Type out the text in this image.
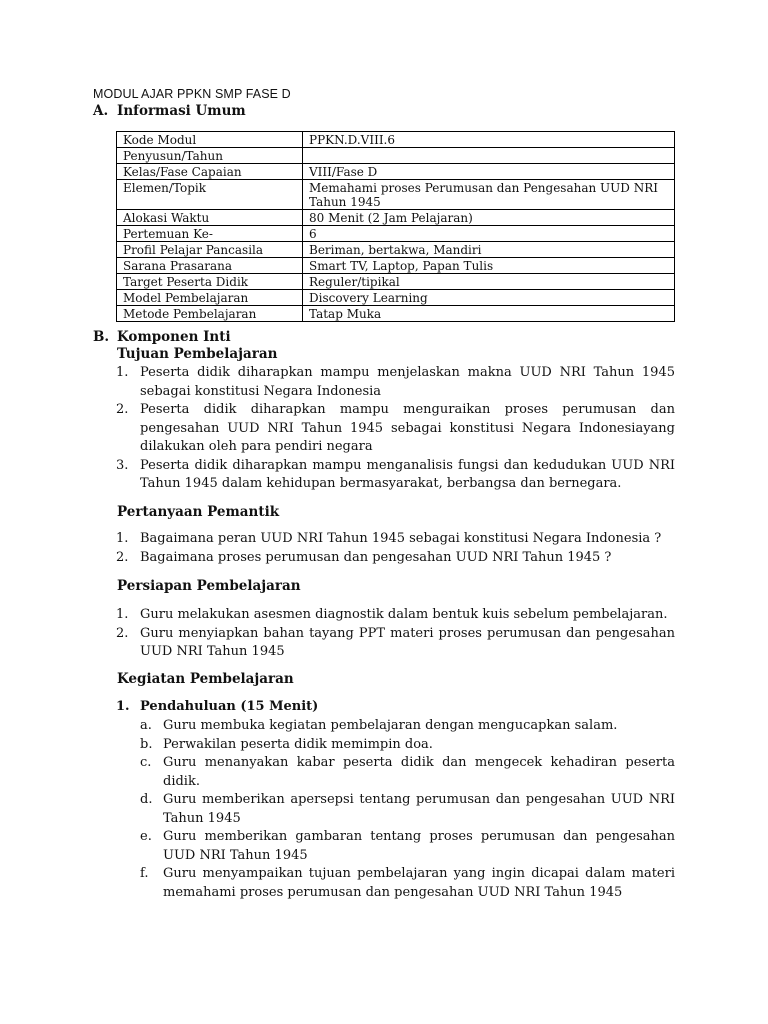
MODUL AJAR PPKN SMP FASE D
A. Informasi Umum
Kode Modul	PPKN.D.VIII.6
Penyusun/Tahun	
Kelas/Fase Capaian	VIII/Fase D
Elemen/Topik	Memahami proses Perumusan dan Pengesahan UUD NRI Tahun 1945
Alokasi Waktu	80 Menit (2 Jam Pelajaran)
Pertemuan Ke-	6
Profil Pelajar Pancasila	Beriman, bertakwa, Mandiri
Sarana Prasarana	Smart TV, Laptop, Papan Tulis
Target Peserta Didik	Reguler/tipikal
Model Pembelajaran	Discovery Learning
Metode Pembelajaran	Tatap Muka
B. Komponen Inti
Tujuan Pembelajaran
1. Peserta didik diharapkan mampu menjelaskan makna UUD NRI Tahun 1945 sebagai konstitusi Negara Indonesia
2. Peserta didik diharapkan mampu menguraikan proses perumusan dan pengesahan UUD NRI Tahun 1945 sebagai konstitusi Negara Indonesiayang dilakukan oleh para pendiri negara
3. Peserta didik diharapkan mampu menganalisis fungsi dan kedudukan UUD NRI Tahun 1945 dalam kehidupan bermasyarakat, berbangsa dan bernegara.
Pertanyaan Pemantik
1. Bagaimana peran UUD NRI Tahun 1945 sebagai konstitusi Negara Indonesia ?
2. Bagaimana proses perumusan dan pengesahan UUD NRI Tahun 1945 ?
Persiapan Pembelajaran
1. Guru melakukan asesmen diagnostik dalam bentuk kuis sebelum pembelajaran.
2. Guru menyiapkan bahan tayang PPT materi proses perumusan dan pengesahan UUD NRI Tahun 1945
Kegiatan Pembelajaran
1. Pendahuluan (15 Menit)
a. Guru membuka kegiatan pembelajaran dengan mengucapkan salam.
b. Perwakilan peserta didik memimpin doa.
c. Guru menanyakan kabar peserta didik dan mengecek kehadiran peserta didik.
d. Guru memberikan apersepsi tentang perumusan dan pengesahan UUD NRI Tahun 1945
e. Guru memberikan gambaran tentang proses perumusan dan pengesahan UUD NRI Tahun 1945
f. Guru menyampaikan tujuan pembelajaran yang ingin dicapai dalam materi memahami proses perumusan dan pengesahan UUD NRI Tahun 1945
